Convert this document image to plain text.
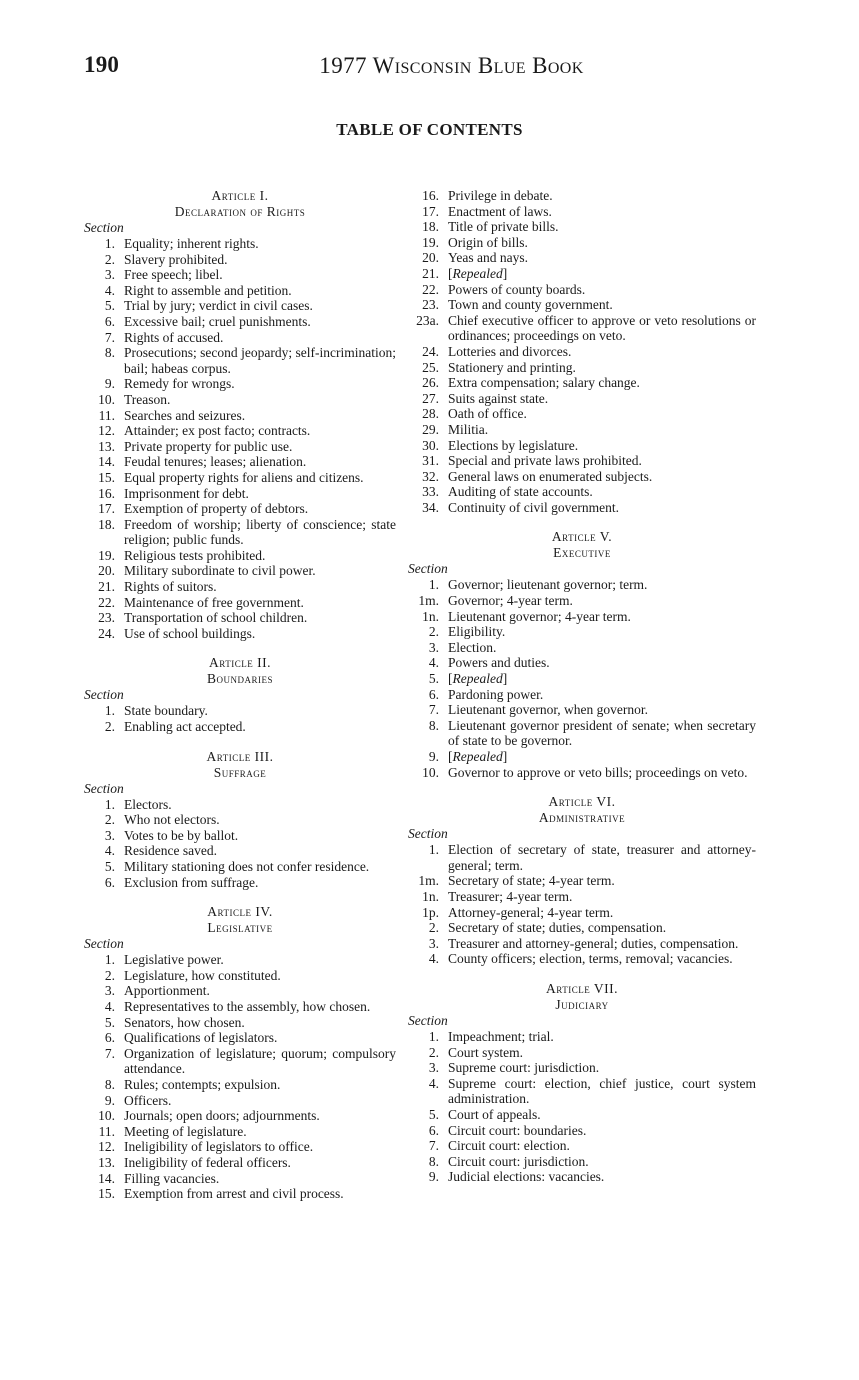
190	1977 Wisconsin Blue Book
TABLE OF CONTENTS
Article I.
Declaration of Rights
Section
1. Equality; inherent rights.
2. Slavery prohibited.
3. Free speech; libel.
4. Right to assemble and petition.
5. Trial by jury; verdict in civil cases.
6. Excessive bail; cruel punishments.
7. Rights of accused.
8. Prosecutions; second jeopardy; self-incrimination; bail; habeas corpus.
9. Remedy for wrongs.
10. Treason.
11. Searches and seizures.
12. Attainder; ex post facto; contracts.
13. Private property for public use.
14. Feudal tenures; leases; alienation.
15. Equal property rights for aliens and citizens.
16. Imprisonment for debt.
17. Exemption of property of debtors.
18. Freedom of worship; liberty of conscience; state religion; public funds.
19. Religious tests prohibited.
20. Military subordinate to civil power.
21. Rights of suitors.
22. Maintenance of free government.
23. Transportation of school children.
24. Use of school buildings.
Article II.
Boundaries
Section
1. State boundary.
2. Enabling act accepted.
Article III.
Suffrage
Section
1. Electors.
2. Who not electors.
3. Votes to be by ballot.
4. Residence saved.
5. Military stationing does not confer residence.
6. Exclusion from suffrage.
Article IV.
Legislative
Section
1. Legislative power.
2. Legislature, how constituted.
3. Apportionment.
4. Representatives to the assembly, how chosen.
5. Senators, how chosen.
6. Qualifications of legislators.
7. Organization of legislature; quorum; compulsory attendance.
8. Rules; contempts; expulsion.
9. Officers.
10. Journals; open doors; adjournments.
11. Meeting of legislature.
12. Ineligibility of legislators to office.
13. Ineligibility of federal officers.
14. Filling vacancies.
15. Exemption from arrest and civil process.
16. Privilege in debate.
17. Enactment of laws.
18. Title of private bills.
19. Origin of bills.
20. Yeas and nays.
21. [Repealed]
22. Powers of county boards.
23. Town and county government.
23a. Chief executive officer to approve or veto resolutions or ordinances; proceedings on veto.
24. Lotteries and divorces.
25. Stationery and printing.
26. Extra compensation; salary change.
27. Suits against state.
28. Oath of office.
29. Militia.
30. Elections by legislature.
31. Special and private laws prohibited.
32. General laws on enumerated subjects.
33. Auditing of state accounts.
34. Continuity of civil government.
Article V.
Executive
Section
1. Governor; lieutenant governor; term.
1m. Governor; 4-year term.
1n. Lieutenant governor; 4-year term.
2. Eligibility.
3. Election.
4. Powers and duties.
5. [Repealed]
6. Pardoning power.
7. Lieutenant governor, when governor.
8. Lieutenant governor president of senate; when secretary of state to be governor.
9. [Repealed]
10. Governor to approve or veto bills; proceedings on veto.
Article VI.
Administrative
Section
1. Election of secretary of state, treasurer and attorney-general; term.
1m. Secretary of state; 4-year term.
1n. Treasurer; 4-year term.
1p. Attorney-general; 4-year term.
2. Secretary of state; duties, compensation.
3. Treasurer and attorney-general; duties, compensation.
4. County officers; election, terms, removal; vacancies.
Article VII.
Judiciary
Section
1. Impeachment; trial.
2. Court system.
3. Supreme court: jurisdiction.
4. Supreme court: election, chief justice, court system administration.
5. Court of appeals.
6. Circuit court: boundaries.
7. Circuit court: election.
8. Circuit court: jurisdiction.
9. Judicial elections: vacancies.
